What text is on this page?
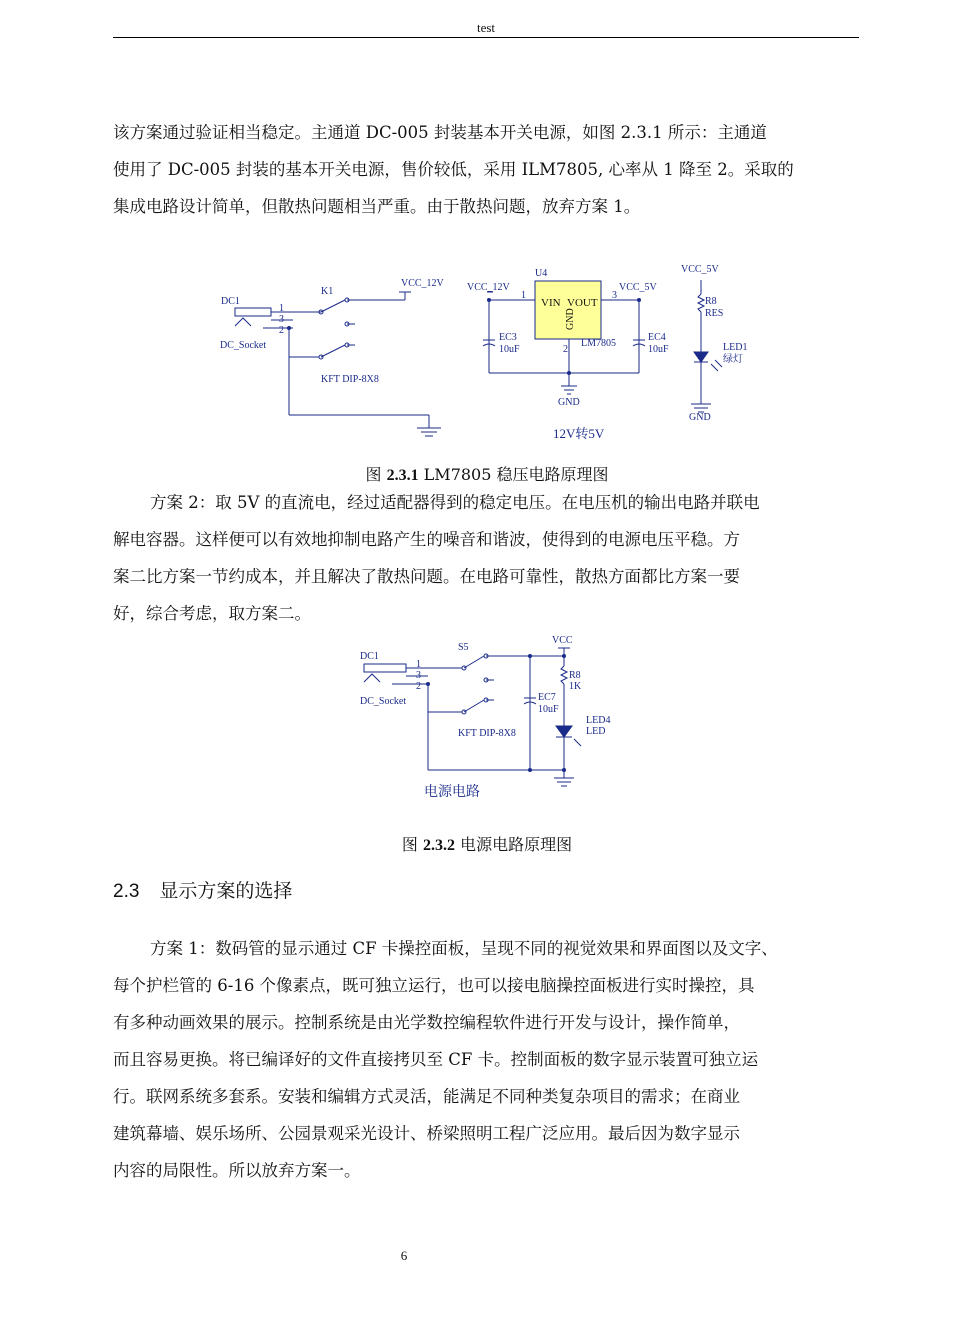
test
该方案通过验证相当稳定。主通道 DC-005 封装基本开关电源，如图 2.3.1 所示：主通道
使用了 DC-005 封装的基本开关电源，售价较低，采用 ILM7805, 心率从 1 降至 2。采取的
集成电路设计简单，但散热问题相当严重。由于散热问题，放弃方案 1。
DC1
DC_Socket
1
3
2
K1
KFT DIP-8X8
VCC_12V VCC_12V
U4
VIN VOUT
GND
1	3
2
LM7805
VCC_5V
VCC_5V
EC3
10uF
EC4
10uF
GND
R8
RES
LED1
绿灯
GND
12V转5V
图 2.3.1 LM7805 稳压电路原理图
方案 2：取 5V 的直流电，经过适配器得到的稳定电压。在电压机的输出电路并联电
解电容器。这样便可以有效地抑制电路产生的噪音和谐波，使得到的电源电压平稳。方
案二比方案一节约成本，并且解决了散热问题。在电路可靠性，散热方面都比方案一要
好，综合考虑，取方案二。
DC1
DC_Socket
1
3
2
S5
KFT DIP-8X8
VCC
EC7
10uF
R8
1K
LED4
LED
电源电路
图 2.3.2 电源电路原理图
2.3 显示方案的选择
方案 1：数码管的显示通过 CF 卡操控面板，呈现不同的视觉效果和界面图以及文字、
每个护栏管的 6-16 个像素点，既可独立运行，也可以接电脑操控面板进行实时操控，具
有多种动画效果的展示。控制系统是由光学数控编程软件进行开发与设计，操作简单，
而且容易更换。将已编译好的文件直接拷贝至 CF 卡。控制面板的数字显示装置可独立运
行。联网系统多套系。安装和编辑方式灵活，能满足不同种类复杂项目的需求；在商业
建筑幕墙、娱乐场所、公园景观采光设计、桥梁照明工程广泛应用。最后因为数字显示
内容的局限性。所以放弃方案一。
6
